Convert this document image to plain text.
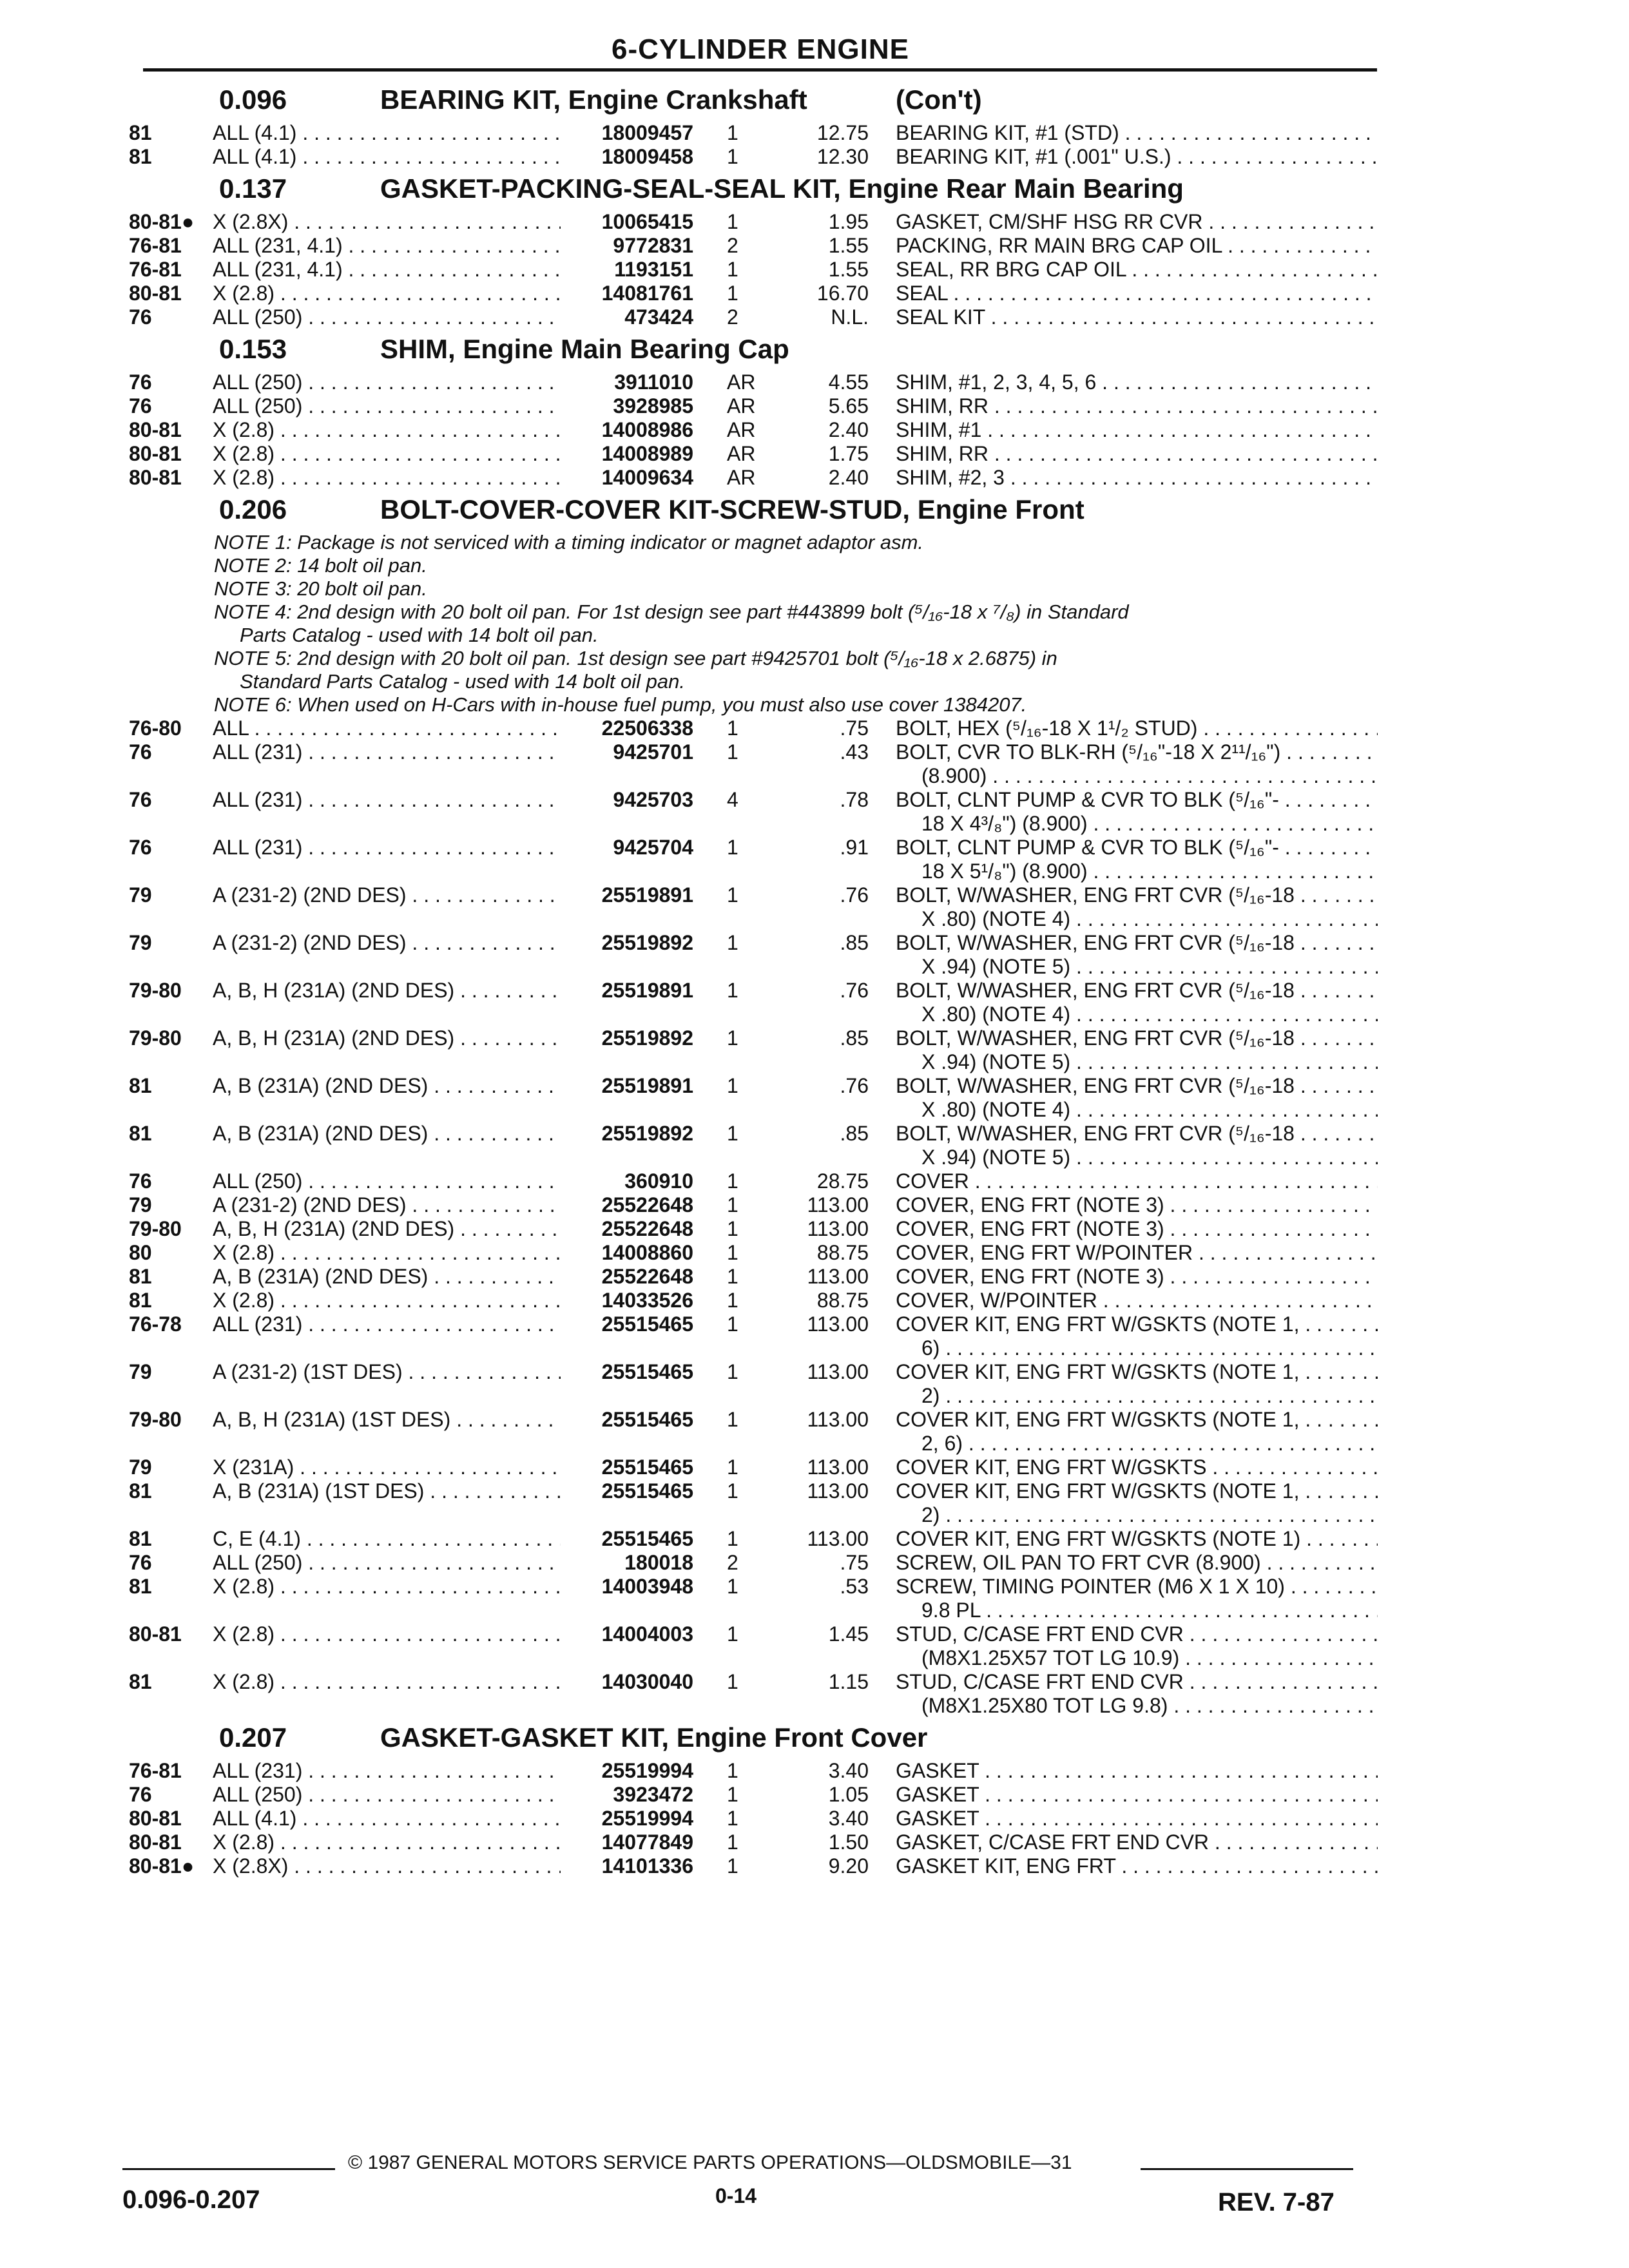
6-CYLINDER ENGINE
0.096	BEARING KIT, Engine Crankshaft	(Con't)
81	ALL (4.1) . . .	18009457 1	12.75 BEARING KIT, #1 (STD) . . .
81	ALL (4.1) . . .	18009458 1	12.30 BEARING KIT, #1 (.001" U.S.) . . .
0.137	GASKET-PACKING-SEAL-SEAL KIT, Engine Rear Main Bearing
80-81● X (2.8X) . . .	10065415 1	1.95 GASKET, CM/SHF HSG RR CVR . . .
76-81 ALL (231, 4.1) . . .	9772831 2	1.55 PACKING, RR MAIN BRG CAP OIL . . .
76-81 ALL (231, 4.1) . . .	1193151 1	1.55 SEAL, RR BRG CAP OIL . . .
80-81 X (2.8) . . .	14081761 1	16.70 SEAL . . .
76	ALL (250) . . .	473424 2	N.L. SEAL KIT . . .
0.153	SHIM, Engine Main Bearing Cap
76	ALL (250) . . .	3911010 AR	4.55 SHIM, #1, 2, 3, 4, 5, 6 . . .
76	ALL (250) . . .	3928985 AR	5.65 SHIM, RR . . .
80-81 X (2.8) . . .	14008986 AR	2.40 SHIM, #1 . . .
80-81 X (2.8) . . .	14008989 AR	1.75 SHIM, RR . . .
80-81 X (2.8) . . .	14009634 AR	2.40 SHIM, #2, 3 . . .
0.206	BOLT-COVER-COVER KIT-SCREW-STUD, Engine Front
NOTE 1: Package is not serviced with a timing indicator or magnet adaptor asm.
NOTE 2: 14 bolt oil pan.
NOTE 3: 20 bolt oil pan.
NOTE 4: 2nd design with 20 bolt oil pan. For 1st design see part #443899 bolt (⁵/₁₆-18 x ⁷/₈) in Standard
Parts Catalog - used with 14 bolt oil pan.
NOTE 5: 2nd design with 20 bolt oil pan. 1st design see part #9425701 bolt (⁵/₁₆-18 x 2.6875) in
Standard Parts Catalog - used with 14 bolt oil pan.
NOTE 6: When used on H-Cars with in-house fuel pump, you must also use cover 1384207.
76-80 ALL . . .	22506338 1	.75 BOLT, HEX (⁵/₁₆-18 X 1¹/₂ STUD) . . .
76	ALL (231) . . .	9425701 1	.43 BOLT, CVR TO BLK-RH (⁵/₁₆"-18 X 2¹¹/₁₆") . . .
(8.900) . . .
76	ALL (231) . . .	9425703 4	.78 BOLT, CLNT PUMP & CVR TO BLK (⁵/₁₆"- . . .
18 X 4³/₈") (8.900) . . .
76	ALL (231) . . .	9425704 1	.91 BOLT, CLNT PUMP & CVR TO BLK (⁵/₁₆"- . . .
18 X 5¹/₈") (8.900) . . .
79	A (231-2) (2ND DES) . . .	25519891 1	.76 BOLT, W/WASHER, ENG FRT CVR (⁵/₁₆-18 . . .
X .80) (NOTE 4) . . .
79	A (231-2) (2ND DES) . . .	25519892 1	.85 BOLT, W/WASHER, ENG FRT CVR (⁵/₁₆-18 . . .
X .94) (NOTE 5) . . .
79-80 A, B, H (231A) (2ND DES) . . .	25519891 1	.76 BOLT, W/WASHER, ENG FRT CVR (⁵/₁₆-18 . . .
X .80) (NOTE 4) . . .
79-80 A, B, H (231A) (2ND DES) . . .	25519892 1	.85 BOLT, W/WASHER, ENG FRT CVR (⁵/₁₆-18 . . .
X .94) (NOTE 5) . . .
81	A, B (231A) (2ND DES) . . .	25519891 1	.76 BOLT, W/WASHER, ENG FRT CVR (⁵/₁₆-18 . . .
X .80) (NOTE 4) . . .
81	A, B (231A) (2ND DES) . . .	25519892 1	.85 BOLT, W/WASHER, ENG FRT CVR (⁵/₁₆-18 . . .
X .94) (NOTE 5) . . .
76	ALL (250) . . .	360910 1	28.75 COVER . . .
79	A (231-2) (2ND DES) . . .	25522648 1	113.00 COVER, ENG FRT (NOTE 3) . . .
79-80 A, B, H (231A) (2ND DES) . . .	25522648 1	113.00 COVER, ENG FRT (NOTE 3) . . .
80	X (2.8) . . .	14008860 1	88.75 COVER, ENG FRT W/POINTER . . .
81	A, B (231A) (2ND DES) . . .	25522648 1	113.00 COVER, ENG FRT (NOTE 3) . . .
81	X (2.8) . . .	14033526 1	88.75 COVER, W/POINTER . . .
76-78 ALL (231) . . .	25515465 1	113.00 COVER KIT, ENG FRT W/GSKTS (NOTE 1, . . .
6) . . .
79	A (231-2) (1ST DES) . . .	25515465 1	113.00 COVER KIT, ENG FRT W/GSKTS (NOTE 1, . . .
2) . . .
79-80 A, B, H (231A) (1ST DES) . . .	25515465 1	113.00 COVER KIT, ENG FRT W/GSKTS (NOTE 1, . . .
2, 6) . . .
79	X (231A) . . .	25515465 1	113.00 COVER KIT, ENG FRT W/GSKTS . . .
81	A, B (231A) (1ST DES) . . .	25515465 1	113.00 COVER KIT, ENG FRT W/GSKTS (NOTE 1, . . .
2) . . .
81	C, E (4.1) . . .	25515465 1	113.00 COVER KIT, ENG FRT W/GSKTS (NOTE 1) . . .
76	ALL (250) . . .	180018 2	.75 SCREW, OIL PAN TO FRT CVR (8.900) . . .
81	X (2.8) . . .	14003948 1	.53 SCREW, TIMING POINTER (M6 X 1 X 10) . . .
9.8 PL . . .
80-81 X (2.8) . . .	14004003 1	1.45 STUD, C/CASE FRT END CVR . . .
(M8X1.25X57 TOT LG 10.9) . . .
81	X (2.8) . . .	14030040 1	1.15 STUD, C/CASE FRT END CVR . . .
(M8X1.25X80 TOT LG 9.8) . . .
0.207	GASKET-GASKET KIT, Engine Front Cover
76-81 ALL (231) . . .	25519994 1	3.40 GASKET . . .
76	ALL (250) . . .	3923472 1	1.05 GASKET . . .
80-81 ALL (4.1) . . .	25519994 1	3.40 GASKET . . .
80-81 X (2.8) . . .	14077849 1	1.50 GASKET, C/CASE FRT END CVR . . .
80-81● X (2.8X) . . .	14101336 1	9.20 GASKET KIT, ENG FRT . . .
© 1987 GENERAL MOTORS SERVICE PARTS OPERATIONS—OLDSMOBILE—31
0.096-0.207	0-14	REV. 7-87
